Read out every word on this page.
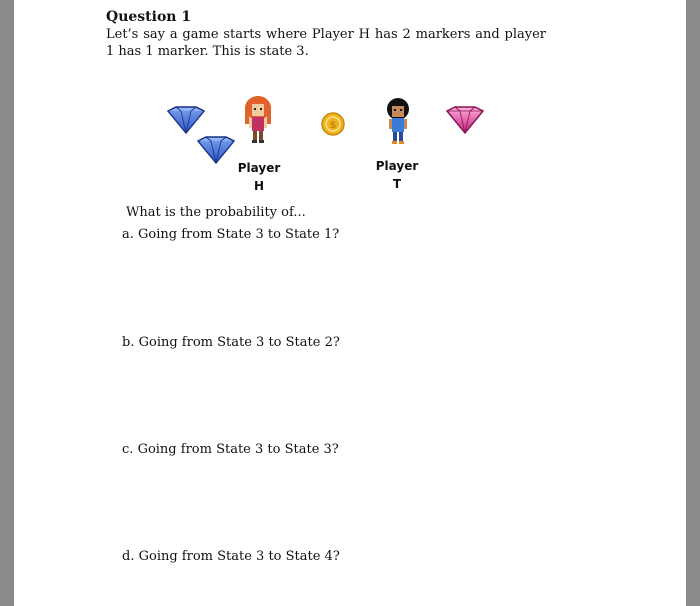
Question 1
Let’s say a game starts where Player H has 2 markers and player 1 has 1 marker. This is state 3.
$
Player
H
Player
T
What is the probability of...
a. Going from State 3 to State 1?
b. Going from State 3 to State 2?
c. Going from State 3 to State 3?
d. Going from State 3 to State 4?
